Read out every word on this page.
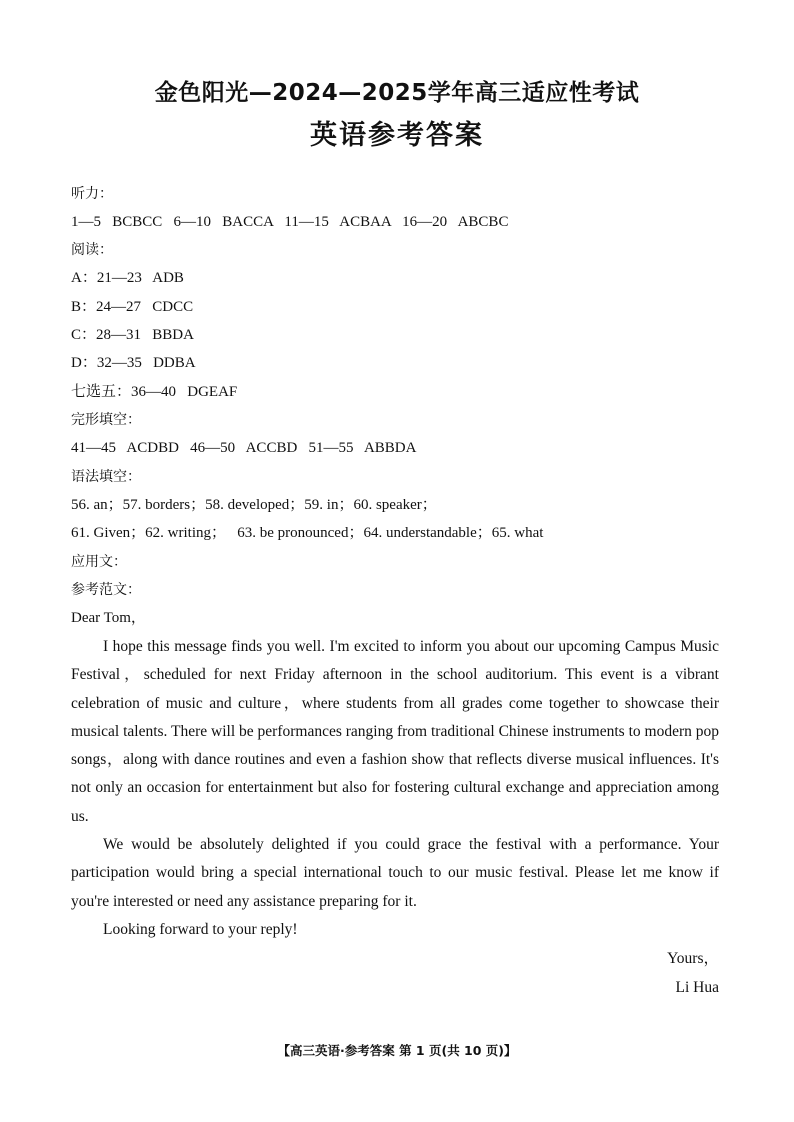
金色阳光—2024—2025学年高三适应性考试
英语参考答案
听力：
1—5   BCBCC   6—10   BACCA   11—15   ACBAA   16—20   ABCBC
阅读：
A：21—23   ADB
B：24—27   CDCC
C：28—31   BBDA
D：32—35   DDBA
七选五：36—40   DGEAF
完形填空：
41—45   ACDBD   46—50   ACCBD   51—55   ABBDA
语法填空：
56. an；57. borders；58. developed；59. in；60. speaker；
61. Given；62. writing；   63. be pronounced；64. understandable；65. what
应用文：
参考范文：
Dear Tom，

I hope this message finds you well. I'm excited to inform you about our upcoming Campus Music Festival，scheduled for next Friday afternoon in the school auditorium. This event is a vibrant celebration of music and culture，where students from all grades come together to showcase their musical talents. There will be performances ranging from traditional Chinese instruments to modern pop songs，along with dance routines and even a fashion show that reflects diverse musical influences. It's not only an occasion for entertainment but also for fostering cultural exchange and appreciation among us.

We would be absolutely delighted if you could grace the festival with a performance. Your participation would bring a special international touch to our music festival. Please let me know if you're interested or need any assistance preparing for it.

Looking forward to your reply!

Yours，
Li Hua
【高三英语·参考答案 第 1 页(共 10 页)】
